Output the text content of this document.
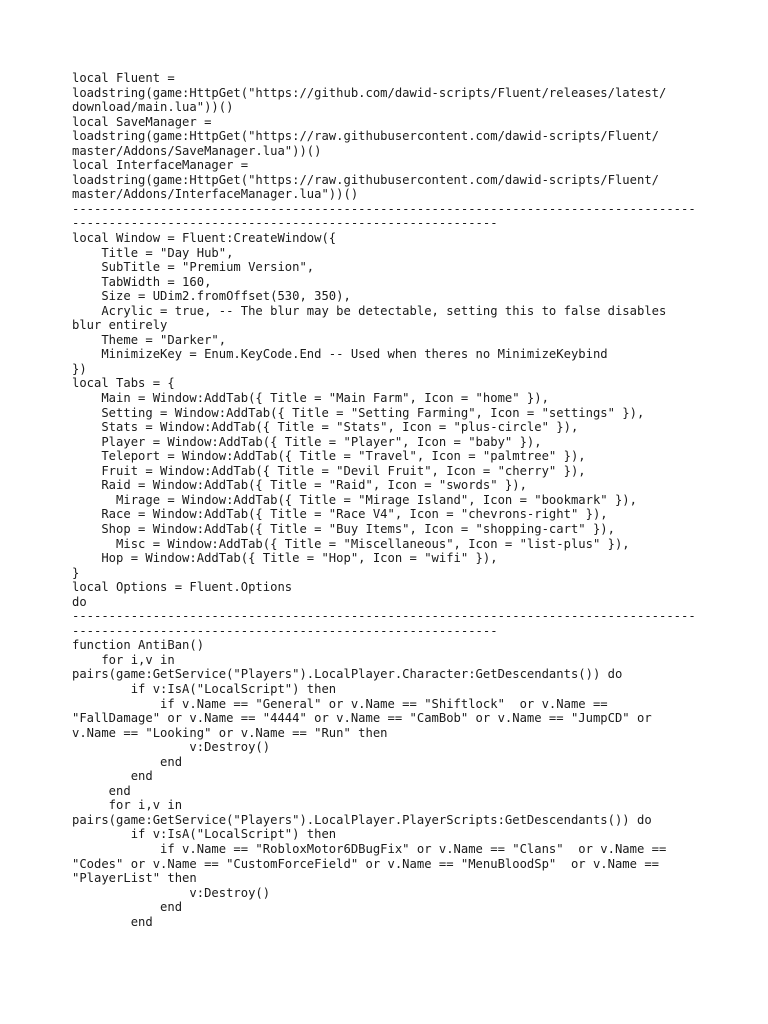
local Fluent =
loadstring(game:HttpGet("https://github.com/dawid-scripts/Fluent/releases/latest/
download/main.lua"))()
local SaveManager =
loadstring(game:HttpGet("https://raw.githubusercontent.com/dawid-scripts/Fluent/
master/Addons/SaveManager.lua"))()
local InterfaceManager =
loadstring(game:HttpGet("https://raw.githubusercontent.com/dawid-scripts/Fluent/
master/Addons/InterfaceManager.lua"))()
-------------------------------------------------------------------------------------
----------------------------------------------------------
local Window = Fluent:CreateWindow({
Title = "Day Hub",
SubTitle = "Premium Version",
TabWidth = 160,
Size = UDim2.fromOffset(530, 350),
Acrylic = true, -- The blur may be detectable, setting this to false disables
blur entirely
Theme = "Darker",
MinimizeKey = Enum.KeyCode.End -- Used when theres no MinimizeKeybind
})
local Tabs = {
Main = Window:AddTab({ Title = "Main Farm", Icon = "home" }),
Setting = Window:AddTab({ Title = "Setting Farming", Icon = "settings" }),
Stats = Window:AddTab({ Title = "Stats", Icon = "plus-circle" }),
Player = Window:AddTab({ Title = "Player", Icon = "baby" }),
Teleport = Window:AddTab({ Title = "Travel", Icon = "palmtree" }),
Fruit = Window:AddTab({ Title = "Devil Fruit", Icon = "cherry" }),
Raid = Window:AddTab({ Title = "Raid", Icon = "swords" }),
Mirage = Window:AddTab({ Title = "Mirage Island", Icon = "bookmark" }),
Race = Window:AddTab({ Title = "Race V4", Icon = "chevrons-right" }),
Shop = Window:AddTab({ Title = "Buy Items", Icon = "shopping-cart" }),
Misc = Window:AddTab({ Title = "Miscellaneous", Icon = "list-plus" }),
Hop = Window:AddTab({ Title = "Hop", Icon = "wifi" }),
}
local Options = Fluent.Options
do
-------------------------------------------------------------------------------------
----------------------------------------------------------
function AntiBan()
for i,v in
pairs(game:GetService("Players").LocalPlayer.Character:GetDescendants()) do
if v:IsA("LocalScript") then
if v.Name == "General" or v.Name == "Shiftlock"  or v.Name ==
"FallDamage" or v.Name == "4444" or v.Name == "CamBob" or v.Name == "JumpCD" or
v.Name == "Looking" or v.Name == "Run" then
v:Destroy()
end
end
end
for i,v in
pairs(game:GetService("Players").LocalPlayer.PlayerScripts:GetDescendants()) do
if v:IsA("LocalScript") then
if v.Name == "RobloxMotor6DBugFix" or v.Name == "Clans"  or v.Name ==
"Codes" or v.Name == "CustomForceField" or v.Name == "MenuBloodSp"  or v.Name ==
"PlayerList" then
v:Destroy()
end
end
